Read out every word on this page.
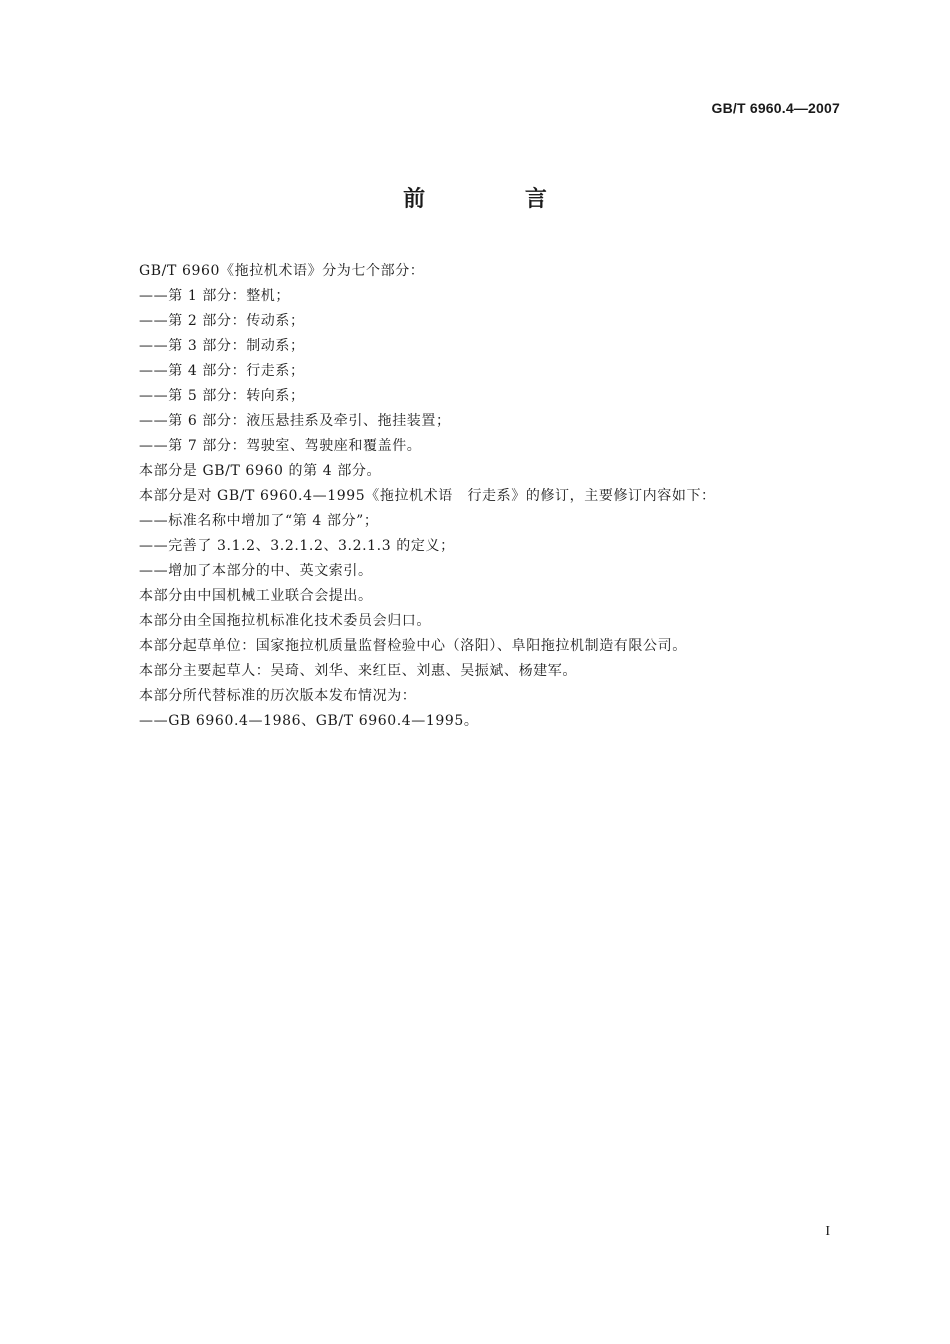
GB/T 6960.4—2007
前 言
GB/T 6960《拖拉机术语》分为七个部分：
——第 1 部分：整机；
——第 2 部分：传动系；
——第 3 部分：制动系；
——第 4 部分：行走系；
——第 5 部分：转向系；
——第 6 部分：液压悬挂系及牵引、拖挂装置；
——第 7 部分：驾驶室、驾驶座和覆盖件。
本部分是 GB/T 6960 的第 4 部分。
本部分是对 GB/T 6960.4—1995《拖拉机术语　行走系》的修订，主要修订内容如下：
——标准名称中增加了“第 4 部分”；
——完善了 3.1.2、3.2.1.2、3.2.1.3 的定义；
——增加了本部分的中、英文索引。
本部分由中国机械工业联合会提出。
本部分由全国拖拉机标准化技术委员会归口。
本部分起草单位：国家拖拉机质量监督检验中心（洛阳）、阜阳拖拉机制造有限公司。
本部分主要起草人：吴琦、刘华、来红臣、刘惠、吴振斌、杨建军。
本部分所代替标准的历次版本发布情况为：
——GB 6960.4—1986、GB/T 6960.4—1995。
I
